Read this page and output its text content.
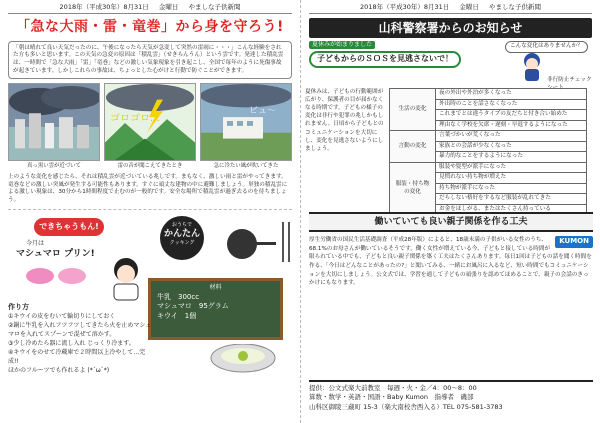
2018年（平成30年）8月31日 金曜日 やましな子供新聞
「急な大雨・雷・竜巻」から身を守ろう!
「朝は晴れて良い天気だったのに、午後になったら天気が急変して突然の雷雨に・・・」こんな経験をされた方も多いと思います。この天気の急変の原因は「積乱雲」（せきらんうん）という雲です。発達した積乱雲は、一時間で「急な大雨」「雷」「竜巻」などの激しい気象現象を引き起こし、全国で毎年のように死傷事故が起きています。しかしこれらの事故は、ちょっとした心がけと行動で防ぐことができます。
ゴロゴロ…
ビュ〜
真っ黒い雲が近づいて	雷の音が聞こえてきたとき	急に冷たい風が吹いてきた
上のような変化を感じたら、それは積乱雲が近づいている兆しです。まもなく、激しい雨と雷がやってきます。竜巻などの激しい突風が発生する可能性もあります。すぐに頑丈な建物の中に避難しましょう。単独の積乱雲による激しい現象は、30分から1時間程度で止むのが一般的です。安全な場所で積乱雲が過ぎ去るのを待ちましょう。
できちゃうもん!
今月は
マシュマロ プリン!
おうちで
かんたん
クッキング
材料
牛乳　300cc
マシュマロ　95グラム
キウイ　1個
作り方
①キウイの皮をむいて輪切りにしておく
②鍋に牛乳を入れフツフツしてきたら火を止めマシュマロを入れてスプーンで混ぜて溶かす。
③少し冷めたら器に流し入れ じっくり冷ます。
④キウイをのせて冷蔵庫で２時間以上冷やして…完成!!
ほかのフルーツでも作れるよ (*´ω`*)
2018年（平成30年）8月31日 金曜日 やましな子供新聞
山科警察署からのお知らせ
夏休みが始まりました
子どもからのＳＯＳを見逃さないで！
こんな変化はありませんか？
非行防止チェックシート
夏休みは、子どもの行動範囲が広がり、保護者の目が届かなくなる時期です。子どもの様子の変化は非行や犯罪の兆しかもしれません。日頃から子どもとのコミュニケーションを大切にし、変化を見逃さないようにしましょう。
生活の変化	夜の外出や外泊が多くなった
	外出時のことを話さなくなった
	これまでとは違うタイプの友だちと付き合い始めた
	理由なく学校を欠席・遅刻・早退するようになった
言動の変化	言葉づかいが荒くなった
	家族との会話が少なくなった
	暴力的なことをするようになった
服装・持ち物の変化	服装や髪型が派手になった
	見慣れない持ち物が増えた
	持ち物が派手になった
	だらしない格好をするなど服装が乱れてきた
	お金をほしがる、またはたくさん持っている
働いていても良い親子関係を作る工夫
KUMON
厚生労働省の国民生活基礎調査（平成28年版）によると、18歳未満の子供がいる女性のうち、68.1%のお母さんが働いているそうです。働く女性が増えている今、子どもと接している時間が限られている中でも、子どもと良い親子関係を築く工夫はたくさんあります。毎日1回は子どもの話を聞く時間を作る、「今日はどんなことがあったの?」と聞いてみる、一緒にお風呂に入るなど、短い時間でもコミュニケーションを大切にしましょう。公文式では、学習を通して子どもの頑張りを認めてほめることで、親子の会話のきっかけにもなります。
提供：公文式楽大前教室　毎週・火・金／4：00〜8：00
算数・数学・英語・国語・Baby Kumon　指導者　磯部
山科区御陵三蔵町 15-3（楽大南校舎西入る）TEL 075-581-3783
